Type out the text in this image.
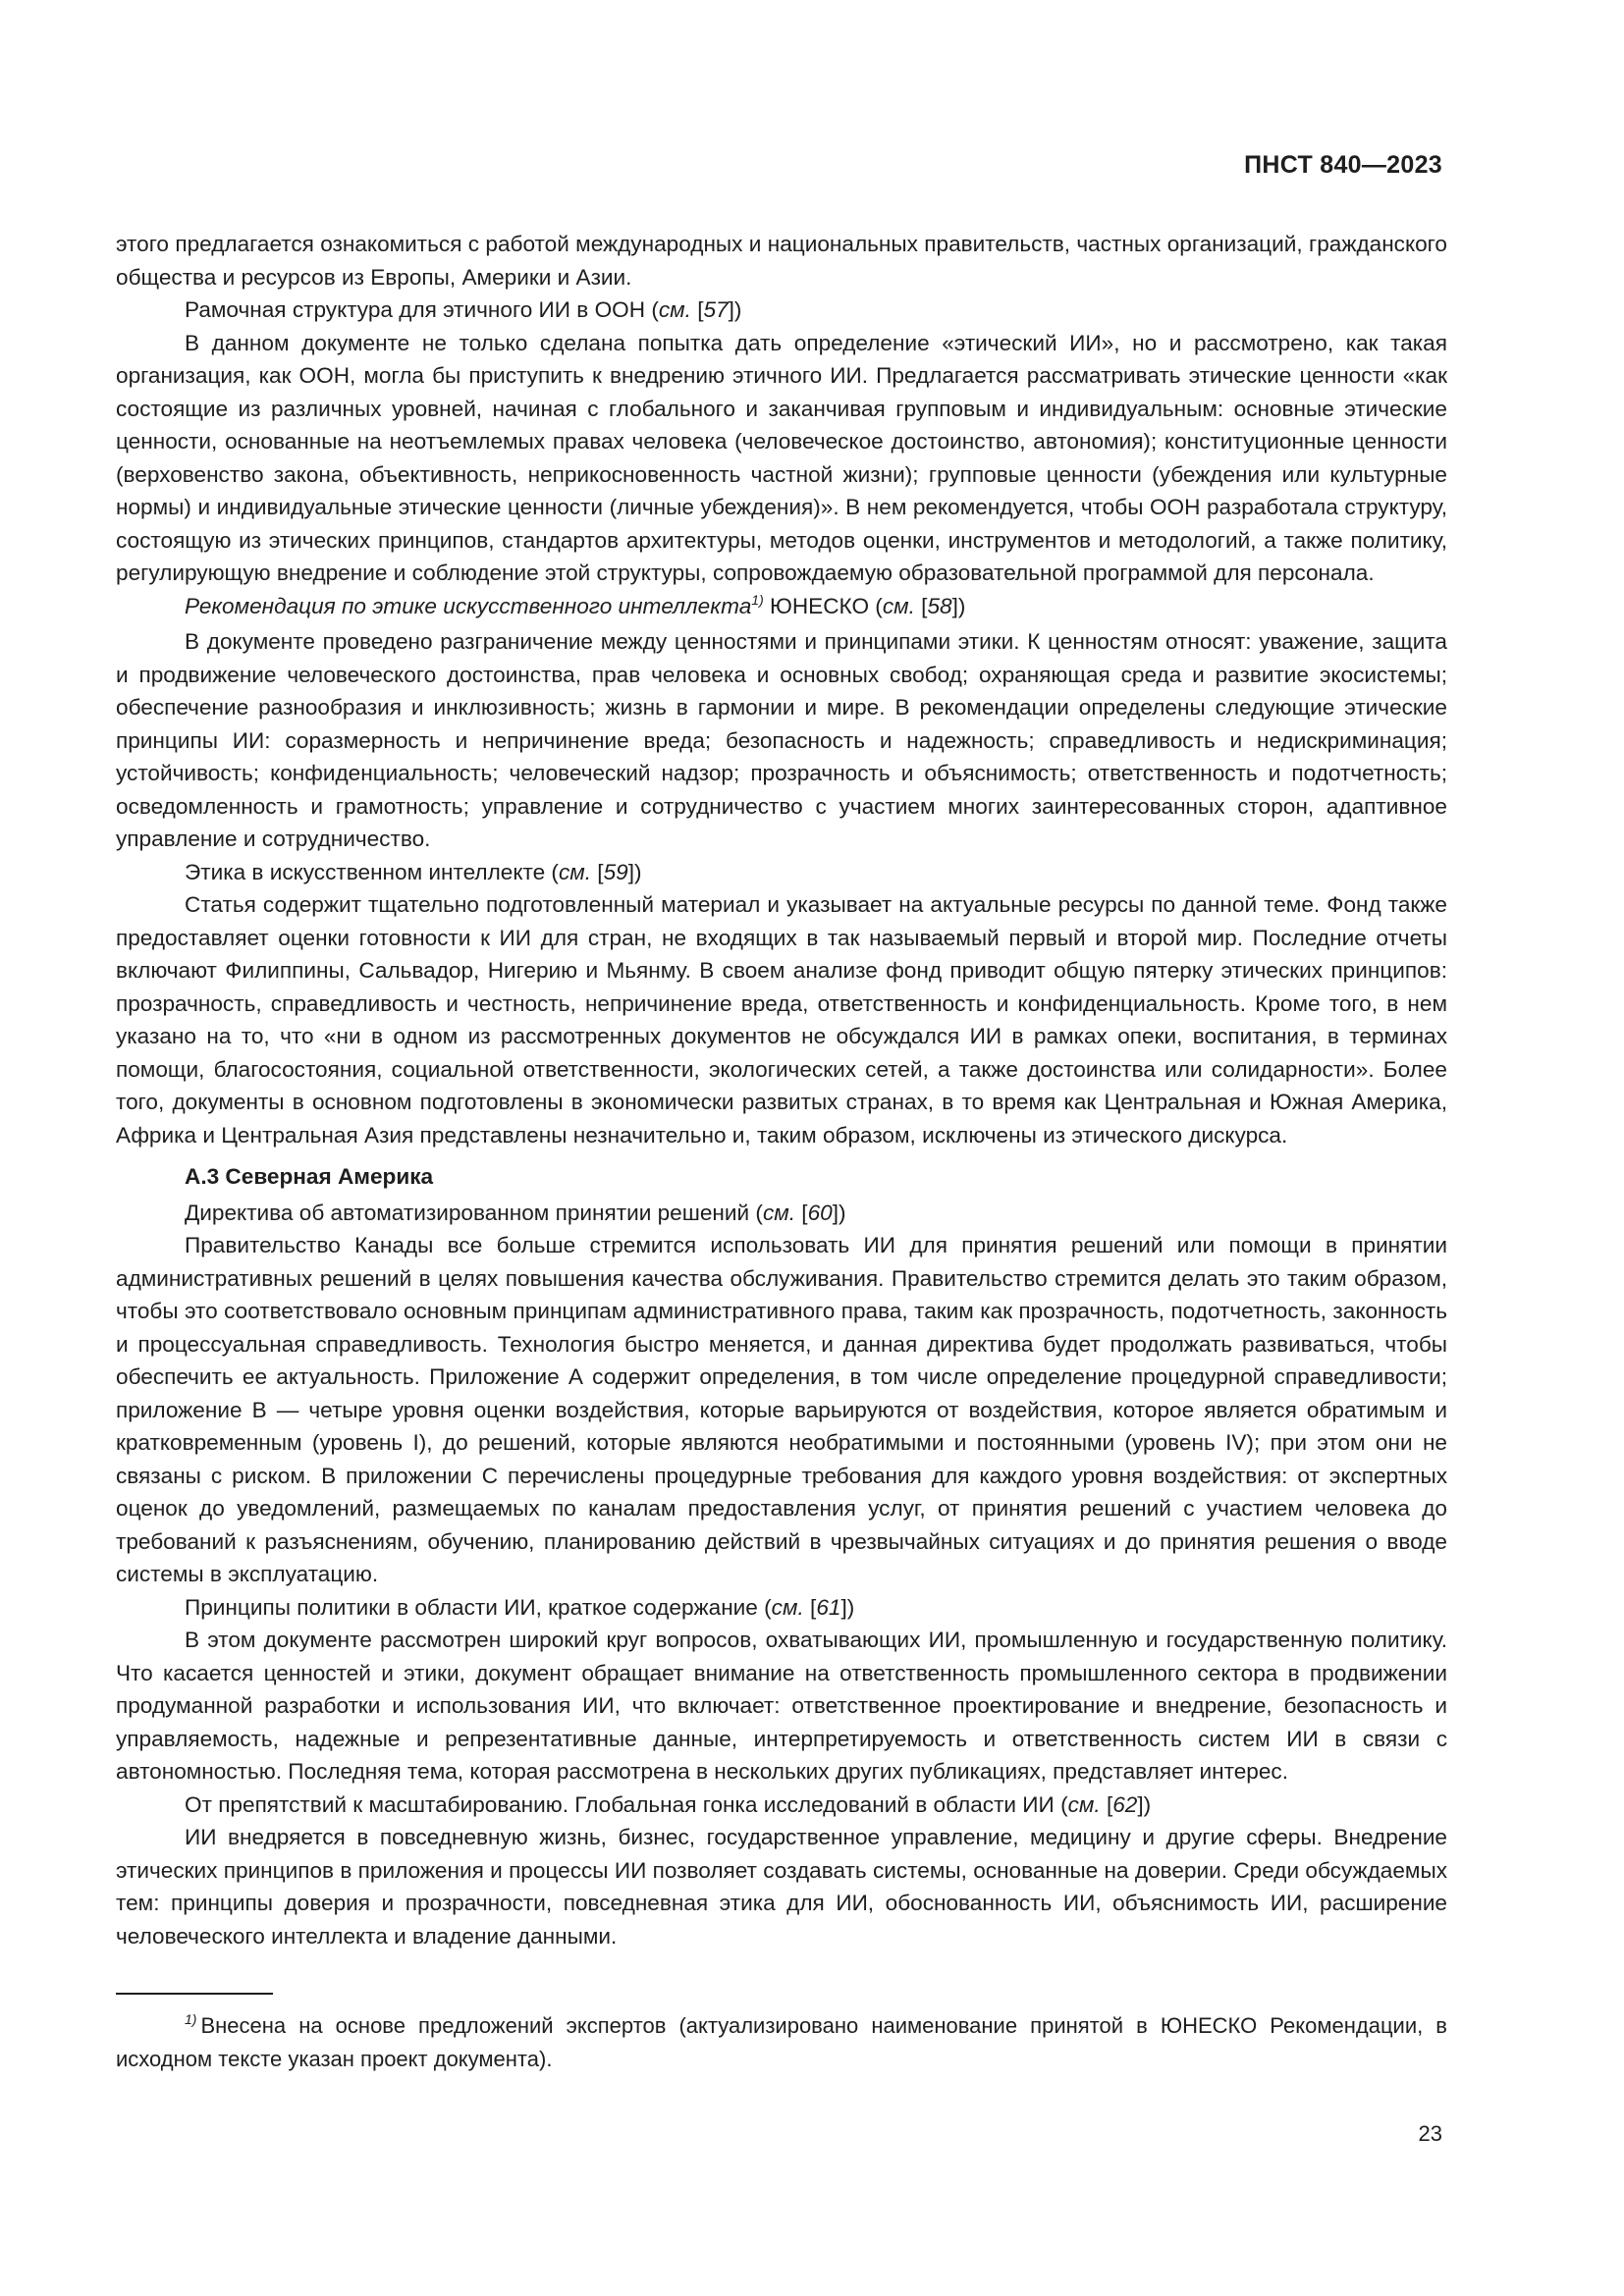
ПНСТ 840—2023

этого предлагается ознакомиться с работой международных и национальных правительств, частных организаций, гражданского общества и ресурсов из Европы, Америки и Азии.

Рамочная структура для этичного ИИ в ООН (см. [57])

В данном документе не только сделана попытка дать определение «этический ИИ», но и рассмотрено, как такая организация, как ООН, могла бы приступить к внедрению этичного ИИ. Предлагается рассматривать этические ценности «как состоящие из различных уровней, начиная с глобального и заканчивая групповым и индивидуальным: основные этические ценности, основанные на неотъемлемых правах человека (человеческое достоинство, автономия); конституционные ценности (верховенство закона, объективность, неприкосновенность частной жизни); групповые ценности (убеждения или культурные нормы) и индивидуальные этические ценности (личные убеждения)». В нем рекомендуется, чтобы ООН разработала структуру, состоящую из этических принципов, стандартов архитектуры, методов оценки, инструментов и методологий, а также политику, регулирующую внедрение и соблюдение этой структуры, сопровождаемую образовательной программой для персонала.

Рекомендация по этике искусственного интеллекта$^{1)}$ ЮНЕСКО (см. [58])

В документе проведено разграничение между ценностями и принципами этики. К ценностям относят: уважение, защита и продвижение человеческого достоинства, прав человека и основных свобод; охраняющая среда и развитие экосистемы; обеспечение разнообразия и инклюзивность; жизнь в гармонии и мире. В рекомендации определены следующие этические принципы ИИ: соразмерность и непричинение вреда; безопасность и надежность; справедливость и недискриминация; устойчивость; конфиденциальность; человеческий надзор; прозрачность и объяснимость; ответственность и подотчетность; осведомленность и грамотность; управление и сотрудничество с участием многих заинтересованных сторон, адаптивное управление и сотрудничество.

Этика в искусственном интеллекте (см. [59])

Статья содержит тщательно подготовленный материал и указывает на актуальные ресурсы по данной теме. Фонд также предоставляет оценки готовности к ИИ для стран, не входящих в так называемый первый и второй мир. Последние отчеты включают Филиппины, Сальвадор, Нигерию и Мьянму. В своем анализе фонд приводит общую пятерку этических принципов: прозрачность, справедливость и честность, непричинение вреда, ответственность и конфиденциальность. Кроме того, в нем указано на то, что «ни в одном из рассмотренных документов не обсуждался ИИ в рамках опеки, воспитания, в терминах помощи, благосостояния, социальной ответственности, экологических сетей, а также достоинства или солидарности». Более того, документы в основном подготовлены в экономически развитых странах, в то время как Центральная и Южная Америка, Африка и Центральная Азия представлены незначительно и, таким образом, исключены из этического дискурса.

А.3 Северная Америка

Директива об автоматизированном принятии решений (см. [60])

Правительство Канады все больше стремится использовать ИИ для принятия решений или помощи в принятии административных решений в целях повышения качества обслуживания. Правительство стремится делать это таким образом, чтобы это соответствовало основным принципам административного права, таким как прозрачность, подотчетность, законность и процессуальная справедливость. Технология быстро меняется, и данная директива будет продолжать развиваться, чтобы обеспечить ее актуальность. Приложение А содержит определения, в том числе определение процедурной справедливости; приложение В — четыре уровня оценки воздействия, которые варьируются от воздействия, которое является обратимым и кратковременным (уровень I), до решений, которые являются необратимыми и постоянными (уровень IV); при этом они не связаны с риском. В приложении С перечислены процедурные требования для каждого уровня воздействия: от экспертных оценок до уведомлений, размещаемых по каналам предоставления услуг, от принятия решений с участием человека до требований к разъяснениям, обучению, планированию действий в чрезвычайных ситуациях и до принятия решения о вводе системы в эксплуатацию.

Принципы политики в области ИИ, краткое содержание (см. [61])

В этом документе рассмотрен широкий круг вопросов, охватывающих ИИ, промышленную и государственную политику. Что касается ценностей и этики, документ обращает внимание на ответственность промышленного сектора в продвижении продуманной разработки и использования ИИ, что включает: ответственное проектирование и внедрение, безопасность и управляемость, надежные и репрезентативные данные, интерпретируемость и ответственность систем ИИ в связи с автономностью. Последняя тема, которая рассмотрена в нескольких других публикациях, представляет интерес.

От препятствий к масштабированию. Глобальная гонка исследований в области ИИ (см. [62])

ИИ внедряется в повседневную жизнь, бизнес, государственное управление, медицину и другие сферы. Внедрение этических принципов в приложения и процессы ИИ позволяет создавать системы, основанные на доверии. Среди обсуждаемых тем: принципы доверия и прозрачности, повседневная этика для ИИ, обоснованность ИИ, объяснимость ИИ, расширение человеческого интеллекта и владение данными.

$^{1)}$ Внесена на основе предложений экспертов (актуализировано наименование принятой в ЮНЕСКО Рекомендации, в исходном тексте указан проект документа).
23
